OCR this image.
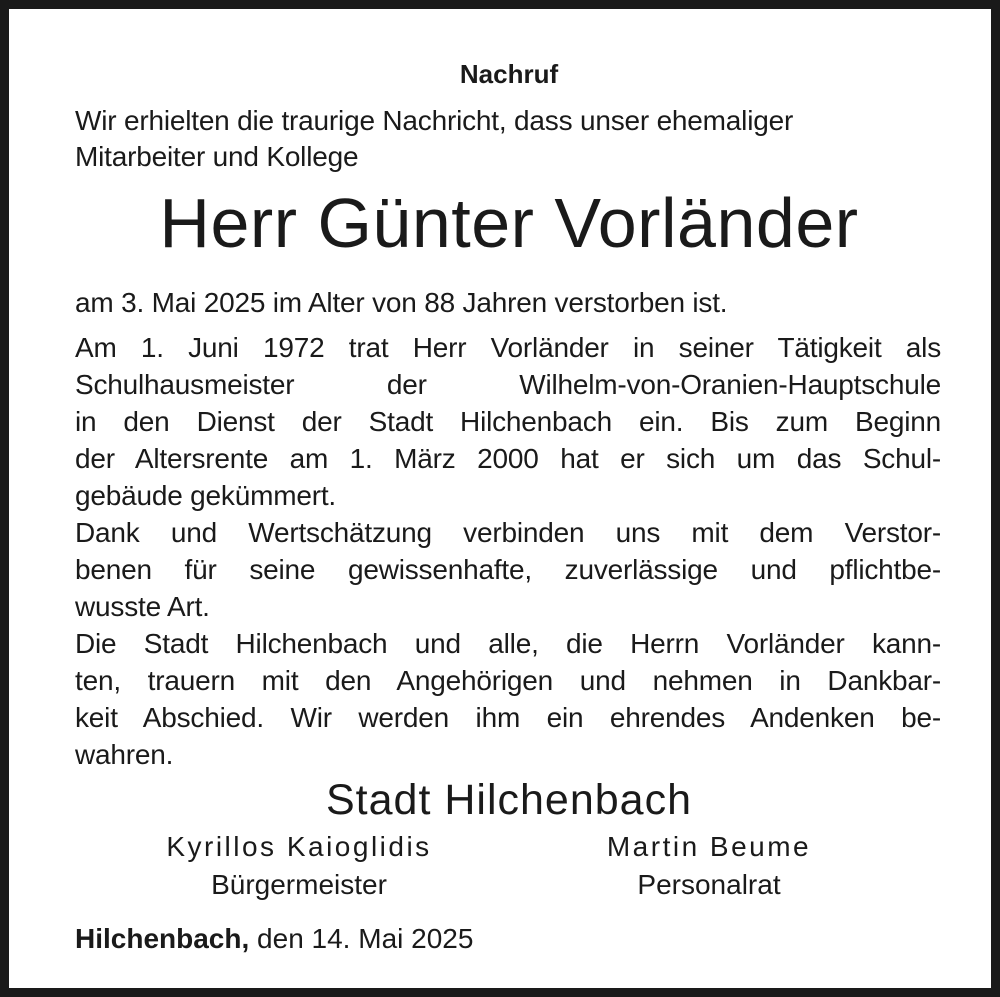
Nachruf
Wir erhielten die traurige Nachricht, dass unser ehemaliger
Mitarbeiter und Kollege
Herr Günter Vorländer
am 3. Mai 2025 im Alter von 88 Jahren verstorben ist.
Am 1. Juni 1972 trat Herr Vorländer in seiner Tätigkeit als
Schulhausmeister der Wilhelm-von-Oranien-Hauptschule
in den Dienst der Stadt Hilchenbach ein. Bis zum Beginn
der Altersrente am 1. März 2000 hat er sich um das Schul-
gebäude gekümmert.
Dank und Wertschätzung verbinden uns mit dem Verstor-
benen für seine gewissenhafte, zuverlässige und pflichtbe-
wusste Art.
Die Stadt Hilchenbach und alle, die Herrn Vorländer kann-
ten, trauern mit den Angehörigen und nehmen in Dankbar-
keit Abschied. Wir werden ihm ein ehrendes Andenken be-
wahren.
Stadt Hilchenbach
Kyrillos Kaioglidis
Bürgermeister
Martin Beume
Personalrat
Hilchenbach, den 14. Mai 2025
